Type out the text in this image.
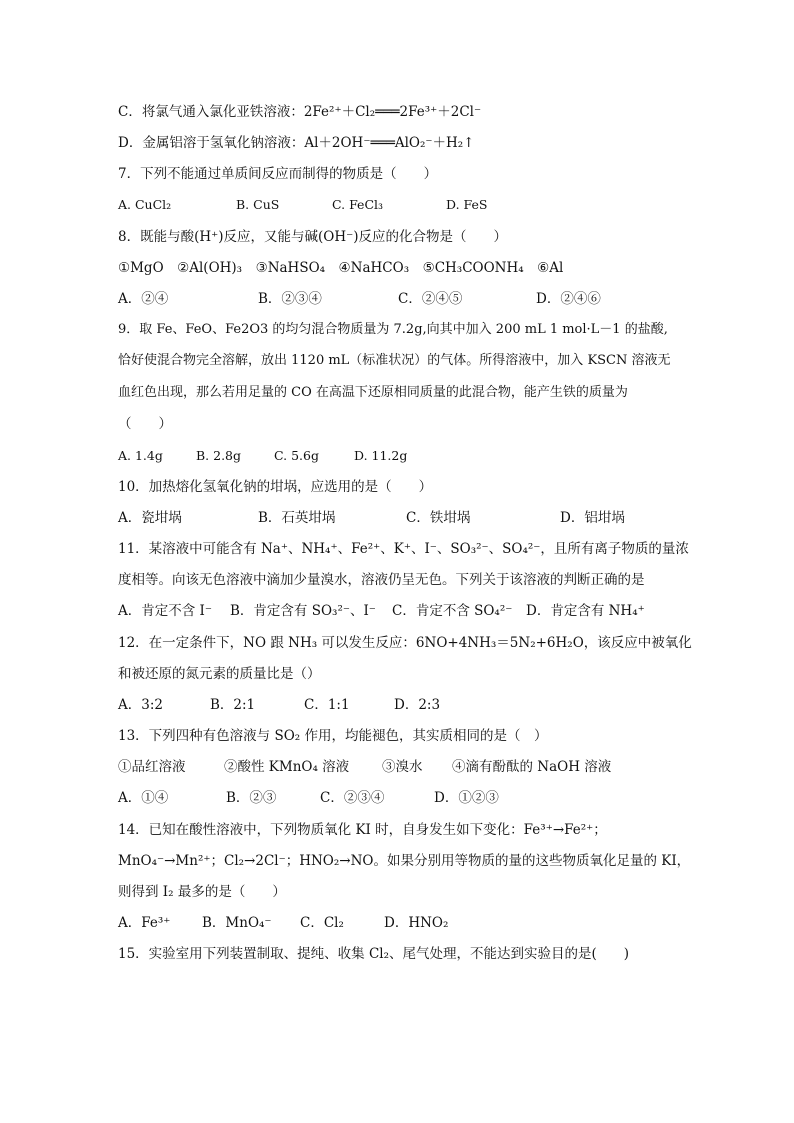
C．将氯气通入氯化亚铁溶液：2Fe²⁺＋Cl₂═══2Fe³⁺＋2Cl⁻
D．金属铝溶于氢氧化钠溶液：Al＋2OH⁻═══AlO₂⁻＋H₂↑
7．下列不能通过单质间反应而制得的物质是（　　）
A. CuCl₂	B. CuS	C. FeCl₃	D. FeS
8．既能与酸(H⁺)反应，又能与碱(OH⁻)反应的化合物是（　　）
①MgO　②Al(OH)₃　③NaHSO₄　④NaHCO₃　⑤CH₃COONH₄　⑥Al
A．②④	B．②③④	C．②④⑤	D．②④⑥
9．取 Fe、FeO、Fe2O3 的均匀混合物质量为 7.2g,向其中加入 200 mL 1 mol·L－1 的盐酸,
恰好使混合物完全溶解，放出 1120 mL（标准状况）的气体。所得溶液中，加入 KSCN 溶液无
血红色出现，那么若用足量的 CO 在高温下还原相同质量的此混合物，能产生铁的质量为
（　　）
A. 1.4g	B. 2.8g	C. 5.6g	D. 11.2g
10．加热熔化氢氧化钠的坩埚，应选用的是（　　）
A．瓷坩埚	B．石英坩埚	C．铁坩埚	D．铝坩埚
11．某溶液中可能含有 Na⁺、NH₄⁺、Fe²⁺、K⁺、I⁻、SO₃²⁻、SO₄²⁻，且所有离子物质的量浓
度相等。向该无色溶液中滴加少量溴水，溶液仍呈无色。下列关于该溶液的判断正确的是
A．肯定不含 I⁻ B．肯定含有 SO₃²⁻、I⁻ C．肯定不含 SO₄²⁻ D．肯定含有 NH₄⁺
12．在一定条件下，NO 跟 NH₃ 可以发生反应：6NO+4NH₃＝5N₂+6H₂O，该反应中被氧化
和被还原的氮元素的质量比是（）
A．3:2	B．2:1	C．1:1	D．2:3
13．下列四种有色溶液与 SO₂ 作用，均能褪色，其实质相同的是（　）
①品红溶液	②酸性 KMnO₄ 溶液 ③溴水 ④滴有酚酞的 NaOH 溶液
A．①④	B．②③	C．②③④	D．①②③
14．已知在酸性溶液中，下列物质氧化 KI 时，自身发生如下变化：Fe³⁺→Fe²⁺；
MnO₄⁻→Mn²⁺；Cl₂→2Cl⁻；HNO₂→NO。如果分别用等物质的量的这些物质氧化足量的 KI，
则得到 I₂ 最多的是（　　）
A．Fe³⁺ B．MnO₄⁻ C．Cl₂	D．HNO₂
15．实验室用下列装置制取、提纯、收集 Cl₂、尾气处理，不能达到实验目的是(　　)
